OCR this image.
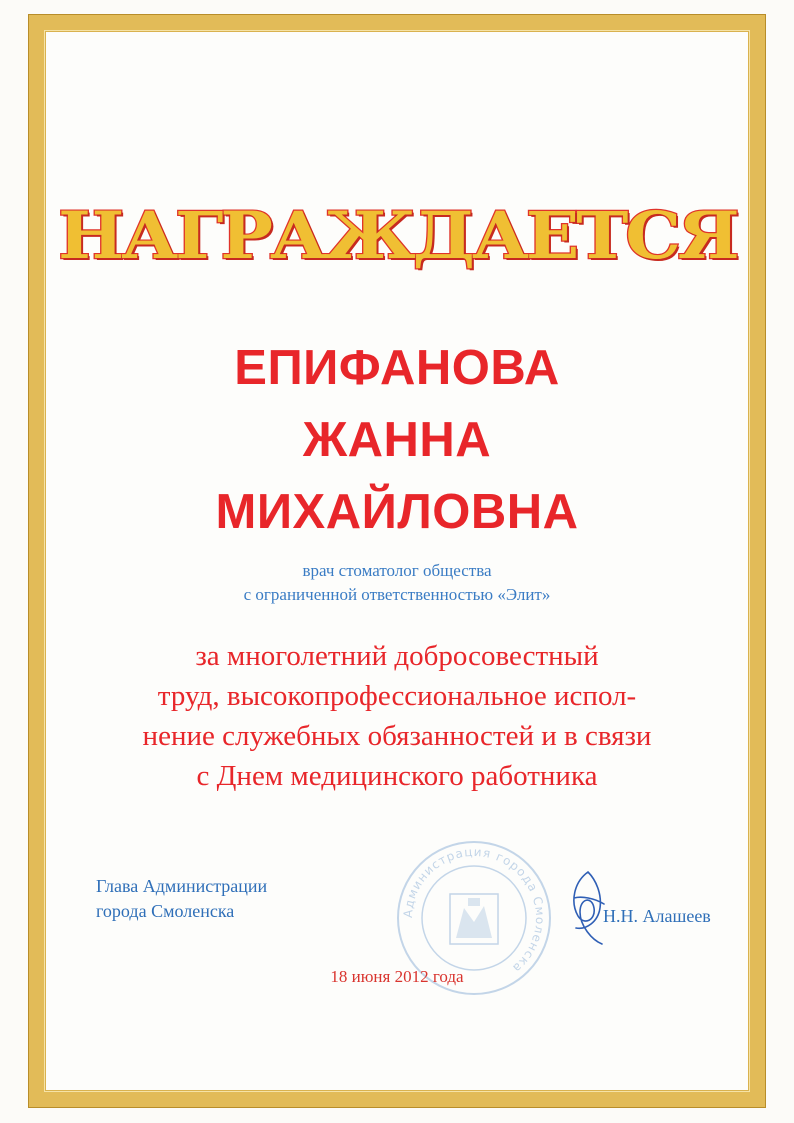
НАГРАЖДАЕТСЯ
ЕПИФАНОВА
ЖАННА
МИХАЙЛОВНА
врач стоматолог общества
с ограниченной ответственностью «Элит»
за многолетний добросовестный
труд, высокопрофессиональное испол-
нение служебных обязанностей и в связи
с Днем медицинского работника
Администрация города Смоленска
Глава Администрации
города Смоленска	Н.Н. Алашеев
18 июня 2012 года
